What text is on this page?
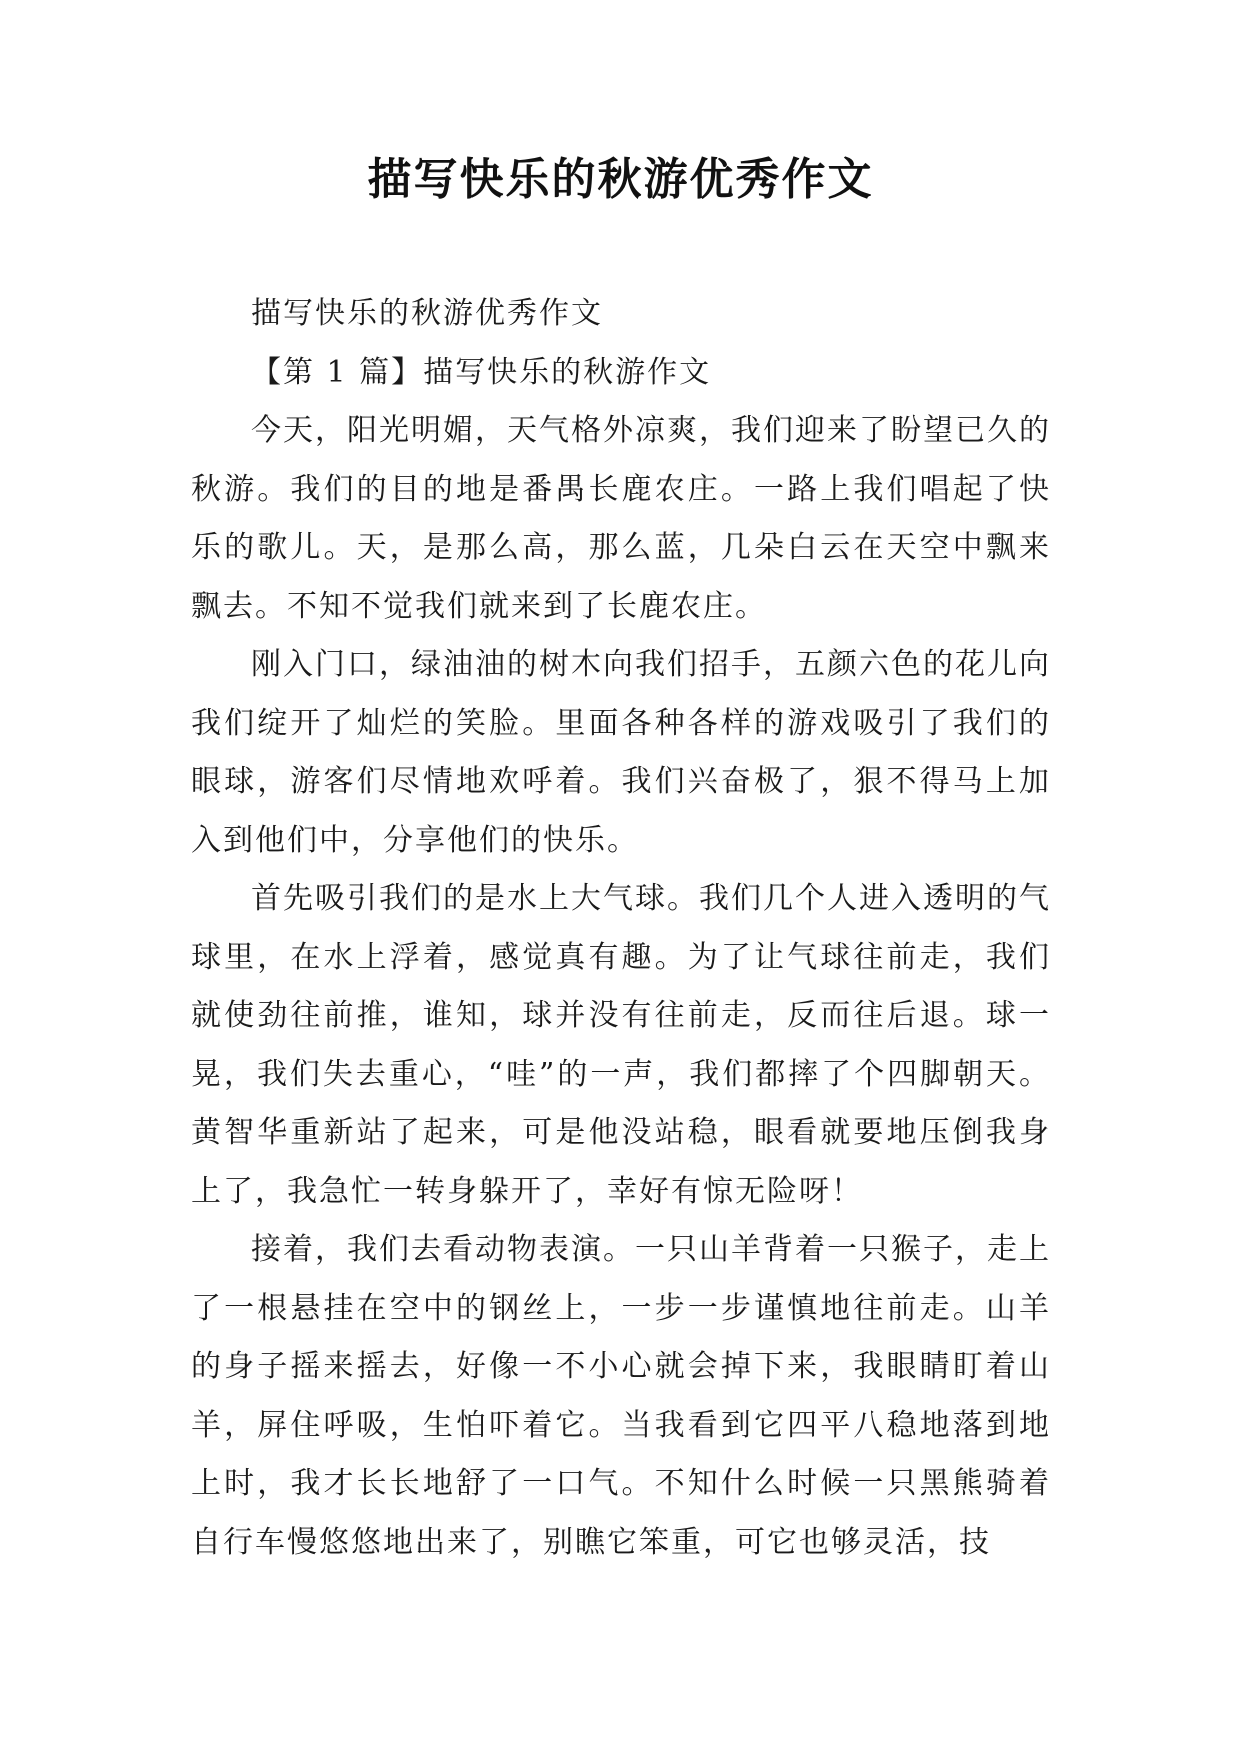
描写快乐的秋游优秀作文

描写快乐的秋游优秀作文

【第 1 篇】描写快乐的秋游作文

今天，阳光明媚，天气格外凉爽，我们迎来了盼望已久的秋游。我们的目的地是番禺长鹿农庄。一路上我们唱起了快乐的歌儿。天，是那么高，那么蓝，几朵白云在天空中飘来飘去。不知不觉我们就来到了长鹿农庄。

刚入门口，绿油油的树木向我们招手，五颜六色的花儿向我们绽开了灿烂的笑脸。里面各种各样的游戏吸引了我们的眼球，游客们尽情地欢呼着。我们兴奋极了，狠不得马上加入到他们中，分享他们的快乐。

首先吸引我们的是水上大气球。我们几个人进入透明的气球里，在水上浮着，感觉真有趣。为了让气球往前走，我们就使劲往前推，谁知，球并没有往前走，反而往后退。球一晃，我们失去重心，“哇”的一声，我们都摔了个四脚朝天。黄智华重新站了起来，可是他没站稳，眼看就要地压倒我身上了，我急忙一转身躲开了，幸好有惊无险呀！

接着，我们去看动物表演。一只山羊背着一只猴子，走上了一根悬挂在空中的钢丝上，一步一步谨慎地往前走。山羊的身子摇来摇去，好像一不小心就会掉下来，我眼睛盯着山羊，屏住呼吸，生怕吓着它。当我看到它四平八稳地落到地上时，我才长长地舒了一口气。不知什么时候一只黑熊骑着自行车慢悠悠地出来了，别瞧它笨重，可它也够灵活，技
